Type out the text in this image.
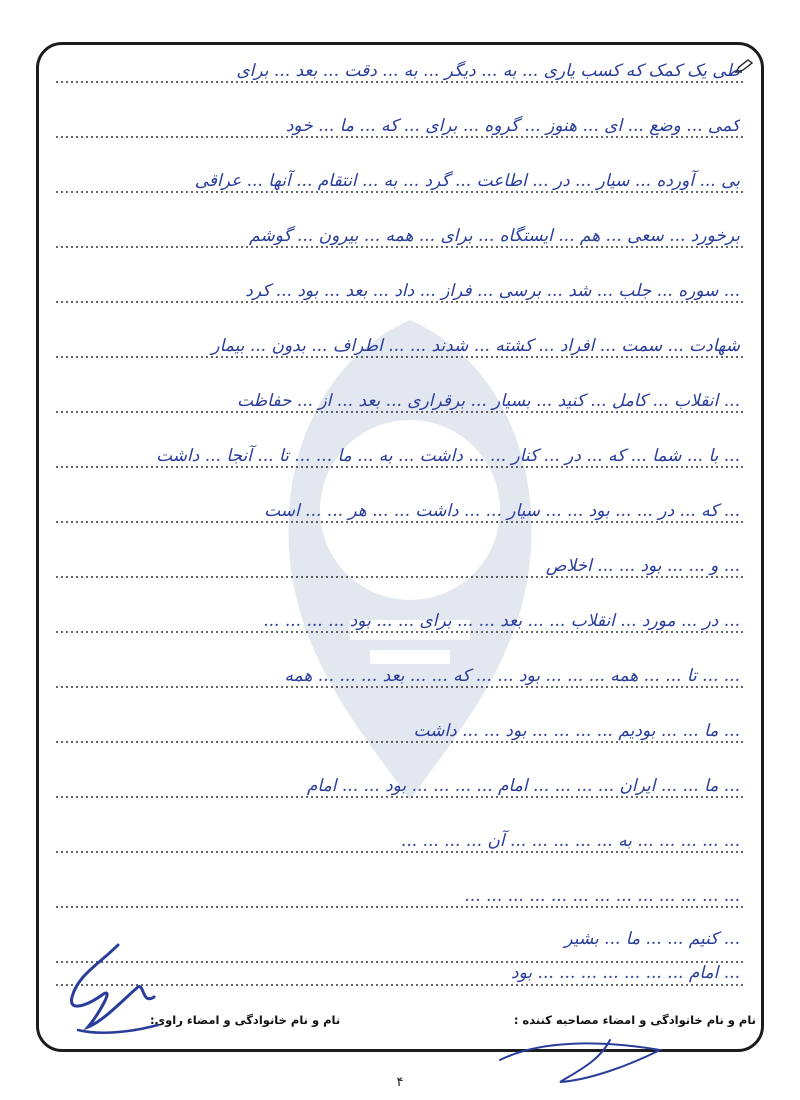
طی یک کمک که کسب یاری ... به ... دیگر ... به ... دقت ... بعد ... برای
کمی ... وضع ... ای ... هنوز ... گروه ... برای ... که ... ما ... خود
بی ... آورده ... سیار ... در ... اطاعت ... گرد ... به ... انتقام ... آنها ... عراقی
برخورد ... سعی ... هم ... ایستگاه ... برای ... همه ... بیرون ... گوشم
... سوره ... جلب ... شد ... برسی ... فراز ... داد ... بعد ... بود ... کرد
شهادت ... سمت ... افراد ... کشته ... شدند ... ... اطراف ... بدون ... بیمار
... انقلاب ... کامل ... کنید ... بسیار ... برقراری ... بعد ... از ... حفاظت
... با ... شما ... که ... در ... کنار ... ... داشت ... به ... ما ... ... تا ... آنجا ... داشت
... که ... در ... ... بود ... ... سیار ... ... داشت ... ... هر ... ... است
... و ... ... بود ... ... اخلاص
... در ... مورد ... انقلاب ... ... بعد ... ... برای ... ... بود ... ... ... ...
... ... تا ... ... همه ... ... ... بود ... ... که ... ... بعد ... ... ... همه
... ما ... ... بودیم ... ... ... ... بود ... ... داشت
... ما ... ... ایران ... ... ... ... امام ... ... ... ... بود ... ... امام
... ... ... ... ... به ... ... ... ... ... آن ... ... ... ...
... ... ... ... ... ... ... ... ... ... ... ... ...
... کنیم ... ... ما ... بشیر
... امام ... ... ... ... ... ... ... بود
نام و نام خانوادگی و امضاء مصاحبه کننده :
نام و نام خانوادگی و امضاء راوی:
۴
